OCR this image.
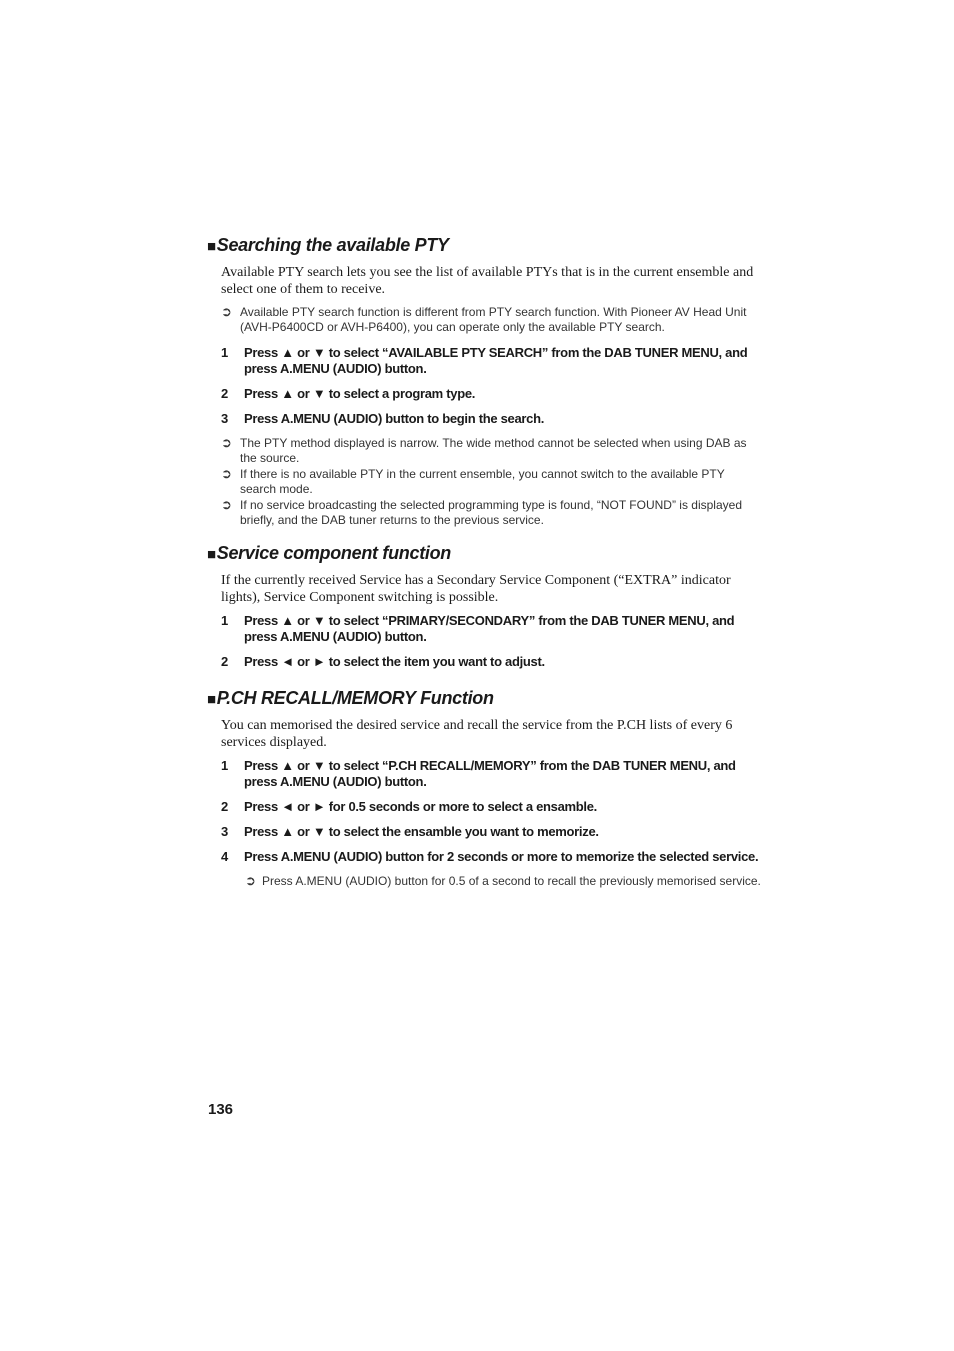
■Searching the available PTY

Available PTY search lets you see the list of available PTYs that is in the current ensemble and select one of them to receive.

➲ Available PTY search function is different from PTY search function. With Pioneer AV Head Unit (AVH-P6400CD or AVH-P6400), you can operate only the available PTY search.
1 Press ▲ or ▼ to select “AVAILABLE PTY SEARCH” from the DAB TUNER MENU, and press A.MENU (AUDIO) button.
2 Press ▲ or ▼ to select a program type.
3 Press A.MENU (AUDIO) button to begin the search.
➲ The PTY method displayed is narrow. The wide method cannot be selected when using DAB as the source.
➲ If there is no available PTY in the current ensemble, you cannot switch to the available PTY search mode.
➲ If no service broadcasting the selected programming type is found, “NOT FOUND” is displayed briefly, and the DAB tuner returns to the previous service.
■Service component function

If the currently received Service has a Secondary Service Component (“EXTRA” indicator lights), Service Component switching is possible.

1 Press ▲ or ▼ to select “PRIMARY/SECONDARY” from the DAB TUNER MENU, and press A.MENU (AUDIO) button.
2 Press ◄ or ► to select the item you want to adjust.
■P.CH RECALL/MEMORY Function

You can memorised the desired service and recall the service from the P.CH lists of every 6 services displayed.

1 Press ▲ or ▼ to select “P.CH RECALL/MEMORY” from the DAB TUNER MENU, and press A.MENU (AUDIO) button.
2 Press ◄ or ► for 0.5 seconds or more to select a ensamble.
3 Press ▲ or ▼ to select the ensamble you want to memorize.
4 Press A.MENU (AUDIO) button for 2 seconds or more to memorize the selected service.
➲ Press A.MENU (AUDIO) button for 0.5 of a second to recall the previously memorised service.
136
